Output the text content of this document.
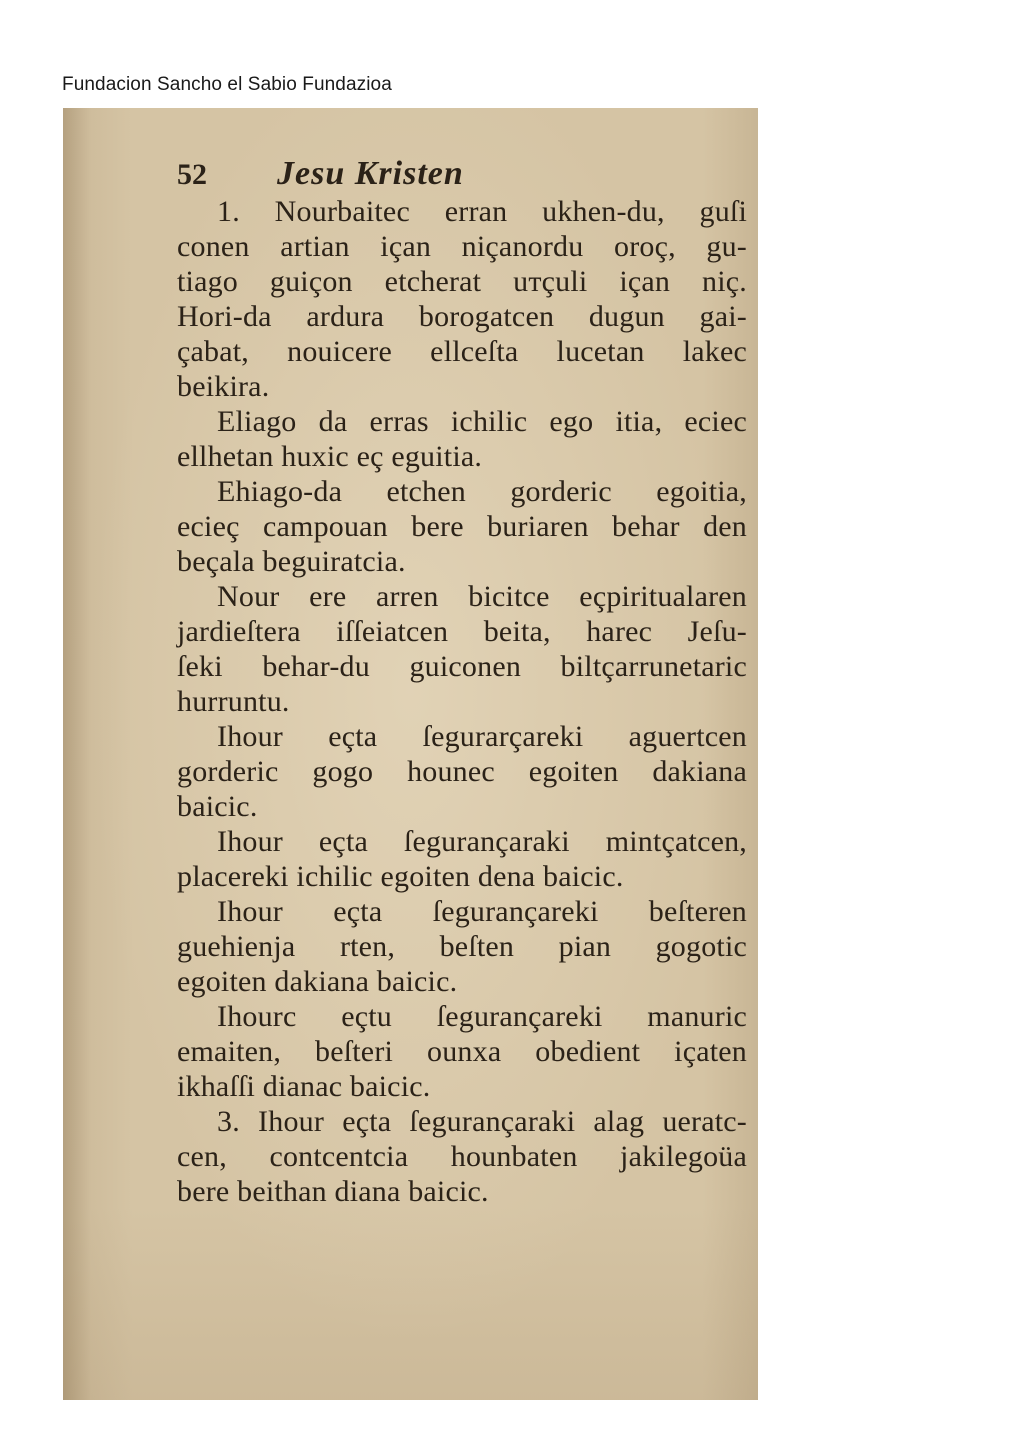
Fundacion Sancho el Sabio Fundazioa
52	Jesu Kristen
1. Nourbaitec erran ukhen-du, guſi
conen artian içan niçanordu oroç, gu-
tiago guiçon etcherat uтçuli içan niç.
Hori-da ardura borogatcen dugun gai-
çabat, nouicere ellceſta lucetan lakec
beikira.
Eliago da erras ichilic ego itia, eciec
ellhetan huxic eç eguitia.
Ehiago-da etchen gorderic egoitia,
ecieç campouan bere buriaren behar den
beçala beguiratcia.
Nour ere arren bicitce eçpiritualaren
jardieſtera iſſeiatcen beita, harec Jeſu-
ſeki behar-du guiconen biltçarrunetaric
hurruntu.
Ihour eçta ſegurarçareki aguertcen
gorderic gogo hounec egoiten dakiana
baicic.
Ihour eçta ſegurançaraki mintçatcen,
placereki ichilic egoiten dena baicic.
Ihour eçta ſegurançareki beſteren
guehienja rten, beſten pian gogotic
egoiten dakiana baicic.
Ihourc eçtu ſegurançareki manuric
emaiten, beſteri ounxa obedient içaten
ikhaſſi dianac baicic.
3. Ihour eçta ſegurançaraki alag ueratc-
cen, contcentcia hounbaten jakilegoüa
bere beithan diana baicic.
